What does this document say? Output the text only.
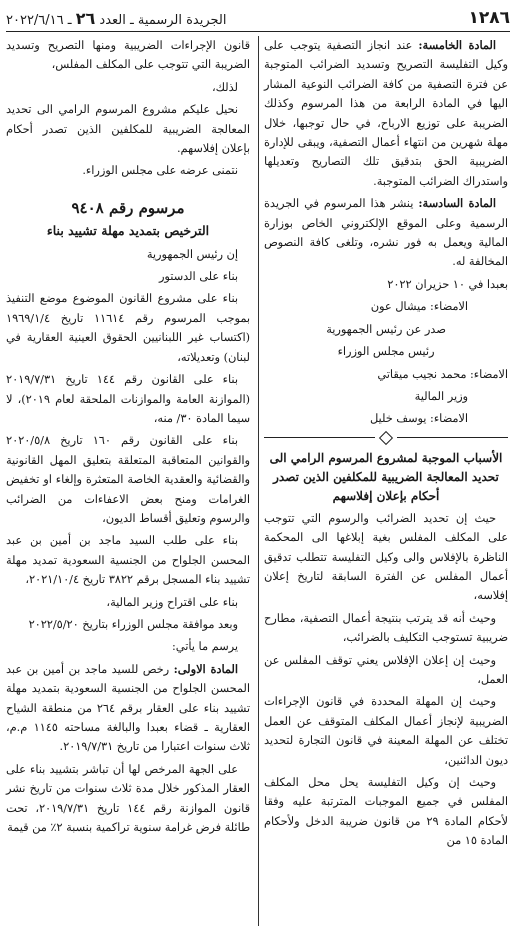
١٢٨٦
الجريدة الرسمية ـ العدد ٢٦ ـ ٢٠٢٢/٦/١٦

المادة الخامسة: عند انجاز التصفية يتوجب على وكيل التفليسة التصريح وتسديد الضرائب المتوجبة عن فترة التصفية من كافة الضرائب النوعية المشار اليها في المادة الرابعة من هذا المرسوم وكذلك الضريبة على توزيع الارباح، في حال توجبها، خلال مهلة شهرين من انتهاء أعمال التصفية، ويبقى للإدارة الضريبية الحق بتدقيق تلك التصاريح وتعديلها واستدراك الضرائب المتوجبة.

المادة السادسة: ينشر هذا المرسوم في الجريدة الرسمية وعلى الموقع الإلكتروني الخاص بوزارة المالية ويعمل به فور نشره، وتلغى كافة النصوص المخالفة له.

بعبدا في ١٠ حزيران ٢٠٢٢

الامضاء: ميشال عون

صدر عن رئيس الجمهورية

رئيس مجلس الوزراء

الامضاء: محمد نجيب ميقاتي

وزير المالية

الامضاء: يوسف خليل

الأسباب الموجبة لمشروع المرسوم الرامي الى تحديد المعالجة الضريبية للمكلفين الذين تصدر أحكام بإعلان إفلاسهم

حيث إن تحديد الضرائب والرسوم التي تتوجب على المكلف المفلس بغية إبلاغها الى المحكمة الناظرة بالإفلاس والى وكيل التفليسة تتطلب تدقيق أعمال المفلس عن الفترة السابقة لتاريخ إعلان إفلاسه،

وحيث أنه قد يترتب بنتيجة أعمال التصفية، مطارح ضريبية تستوجب التكليف بالضرائب،

وحيث إن إعلان الإفلاس يعني توقف المفلس عن العمل،

وحيث إن المهلة المحددة في قانون الإجراءات الضريبية لإنجاز أعمال المكلف المتوقف عن العمل تختلف عن المهلة المعينة في قانون التجارة لتحديد ديون الدائنين،

وحيث إن وكيل التفليسة يحل محل المكلف المفلس في جميع الموجبات المترتبة عليه وفقا لأحكام المادة ٢٩ من قانون ضريبة الدخل ولأحكام المادة ١٥ من

قانون الإجراءات الضريبية ومنها التصريح وتسديد الضريبة التي تتوجب على المكلف المفلس،

لذلك،

نحيل عليكم مشروع المرسوم الرامي الى تحديد المعالجة الضريبية للمكلفين الذين تصدر أحكام بإعلان إفلاسهم.

نتمنى عرضه على مجلس الوزراء.

مرسوم رقم ٩٤٠٨

الترخيص بتمديد مهلة تشييد بناء

إن رئيس الجمهورية

بناء على الدستور

بناء على مشروع القانون الموضوع موضع التنفيذ بموجب المرسوم رقم ١١٦١٤ تاريخ ١٩٦٩/١/٤ (اكتساب غير اللبنانيين الحقوق العينية العقارية في لبنان) وتعديلاته،

بناء على القانون رقم ١٤٤ تاريخ ٢٠١٩/٧/٣١ (الموازنة العامة والموازنات الملحقة لعام ٢٠١٩)، لا سيما المادة ٣٠/ منه،

بناء على القانون رقم ١٦٠ تاريخ ٢٠٢٠/٥/٨ والقوانين المتعاقبة المتعلقة بتعليق المهل القانونية والقضائية والعقدية الخاصة المتعثرة وإلغاء او تخفيض الغرامات ومنح بعض الاعفاءات من الضرائب والرسوم وتعليق أقساط الديون،

بناء على طلب السيد ماجد بن أمين بن عبد المحسن الجلواح من الجنسية السعودية تمديد مهلة تشييد بناء المسجل برقم ٣٨٢٢ تاريخ ٢٠٢١/١٠/٤،

بناء على اقتراح وزير المالية،

وبعد موافقة مجلس الوزراء بتاريخ ٢٠٢٢/٥/٢٠

يرسم ما يأتي:

المادة الاولى: رخص للسيد ماجد بن أمين بن عبد المحسن الجلواح من الجنسية السعودية بتمديد مهلة تشييد بناء على العقار برقم ٢٦٤ من منطقة الشياح العقارية ـ قضاء بعبدا والبالغة مساحته ١١٤٥ م.م، ثلاث سنوات اعتبارا من تاريخ ٢٠١٩/٧/٣١.

على الجهة المرخص لها أن تباشر بتشييد بناء على العقار المذكور خلال مدة ثلاث سنوات من تاريخ نشر قانون الموازنة رقم ١٤٤ تاريخ ٢٠١٩/٧/٣١، تحت طائلة فرض غرامة سنوية تراكمية بنسبة ٢٪ من قيمة
